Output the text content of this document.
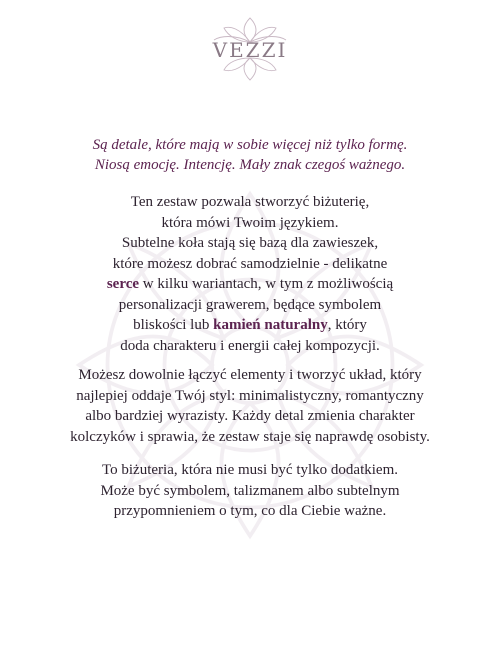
VEZZI
Są detale, które mają w sobie więcej niż tylko formę.
Niosą emocję. Intencję. Mały znak czegoś ważnego.
Ten zestaw pozwala stworzyć biżuterię,
która mówi Twoim językiem.
Subtelne koła stają się bazą dla zawieszek,
które możesz dobrać samodzielnie - delikatne
serce w kilku wariantach, w tym z możliwością
personalizacji grawerem, będące symbolem
bliskości lub kamień naturalny, który
doda charakteru i energii całej kompozycji.
Możesz dowolnie łączyć elementy i tworzyć układ, który
najlepiej oddaje Twój styl: minimalistyczny, romantyczny
albo bardziej wyrazisty. Każdy detal zmienia charakter
kolczyków i sprawia, że zestaw staje się naprawdę osobisty.
To biżuteria, która nie musi być tylko dodatkiem.
Może być symbolem, talizmanem albo subtelnym
przypomnieniem o tym, co dla Ciebie ważne.
